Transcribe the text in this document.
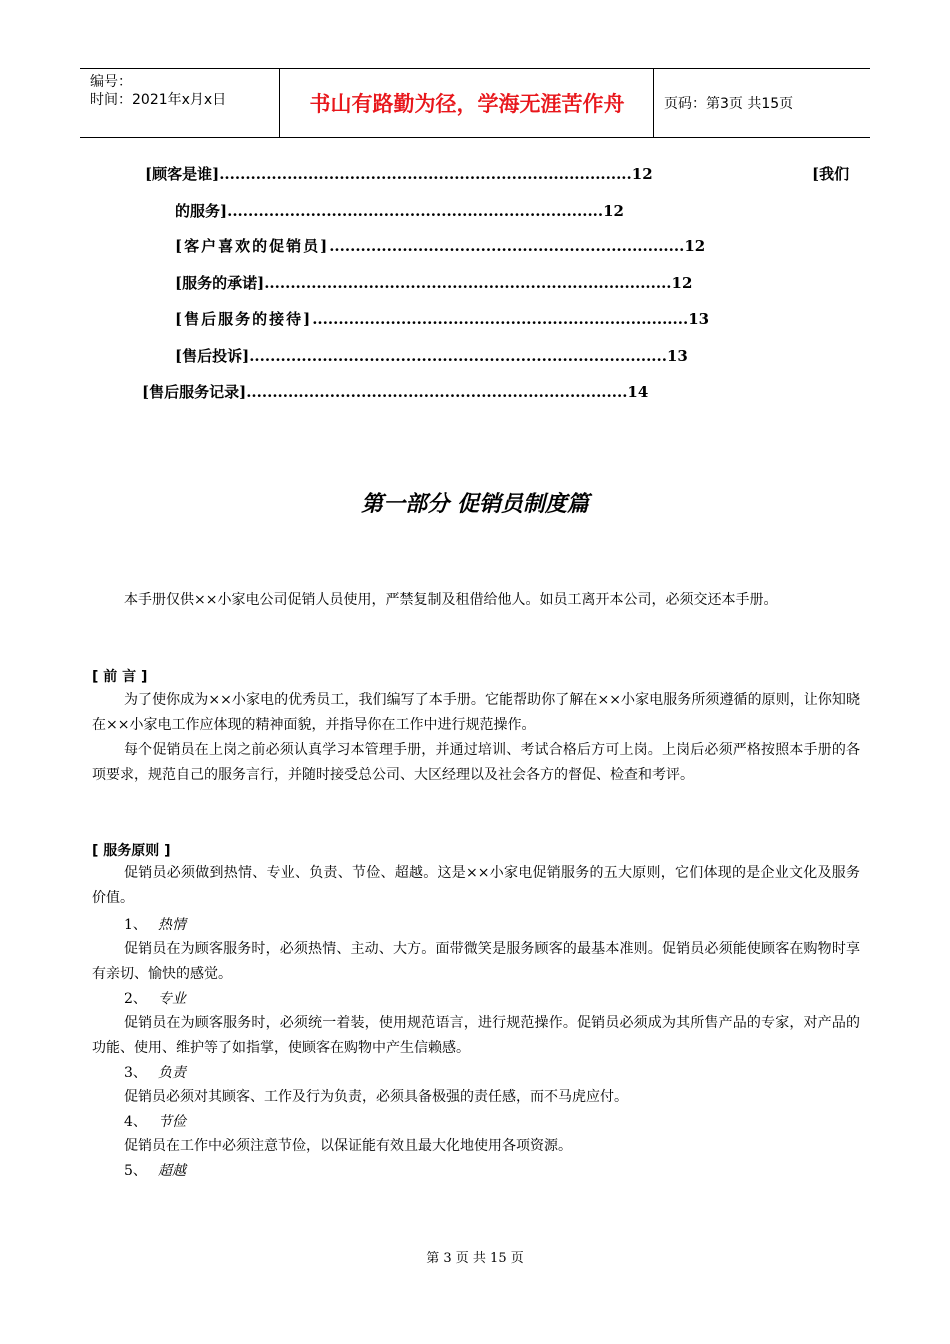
编号：
时间：2021年x月x日	书山有路勤为径，学海无涯苦作舟	页码：第3页 共15页
[顾客是谁]...............................................................................12	[我们
的服务]........................................................................12
[客户喜欢的促销员]....................................................................12
[服务的承诺]..............................................................................12
[售后服务的接待]........................................................................13
[售后投诉]................................................................................13
[售后服务记录].........................................................................14
第一部分 促销员制度篇
本手册仅供××小家电公司促销人员使用，严禁复制及租借给他人。如员工离开本公司，必须交还本手册。
[ 前 言 ]
为了使你成为××小家电的优秀员工，我们编写了本手册。它能帮助你了解在××小家电服务所须遵循的原则，让你知晓在××小家电工作应体现的精神面貌，并指导你在工作中进行规范操作。
每个促销员在上岗之前必须认真学习本管理手册，并通过培训、考试合格后方可上岗。上岗后必须严格按照本手册的各项要求，规范自己的服务言行，并随时接受总公司、大区经理以及社会各方的督促、检查和考评。
[ 服务原则 ]
促销员必须做到热情、专业、负责、节俭、超越。这是××小家电促销服务的五大原则，它们体现的是企业文化及服务价值。
1、 热情
促销员在为顾客服务时，必须热情、主动、大方。面带微笑是服务顾客的最基本准则。促销员必须能使顾客在购物时享有亲切、愉快的感觉。
2、 专业
促销员在为顾客服务时，必须统一着装，使用规范语言，进行规范操作。促销员必须成为其所售产品的专家，对产品的功能、使用、维护等了如指掌，使顾客在购物中产生信赖感。
3、 负责
促销员必须对其顾客、工作及行为负责，必须具备极强的责任感，而不马虎应付。
4、 节俭
促销员在工作中必须注意节俭，以保证能有效且最大化地使用各项资源。
5、 超越
第 3 页 共 15 页
